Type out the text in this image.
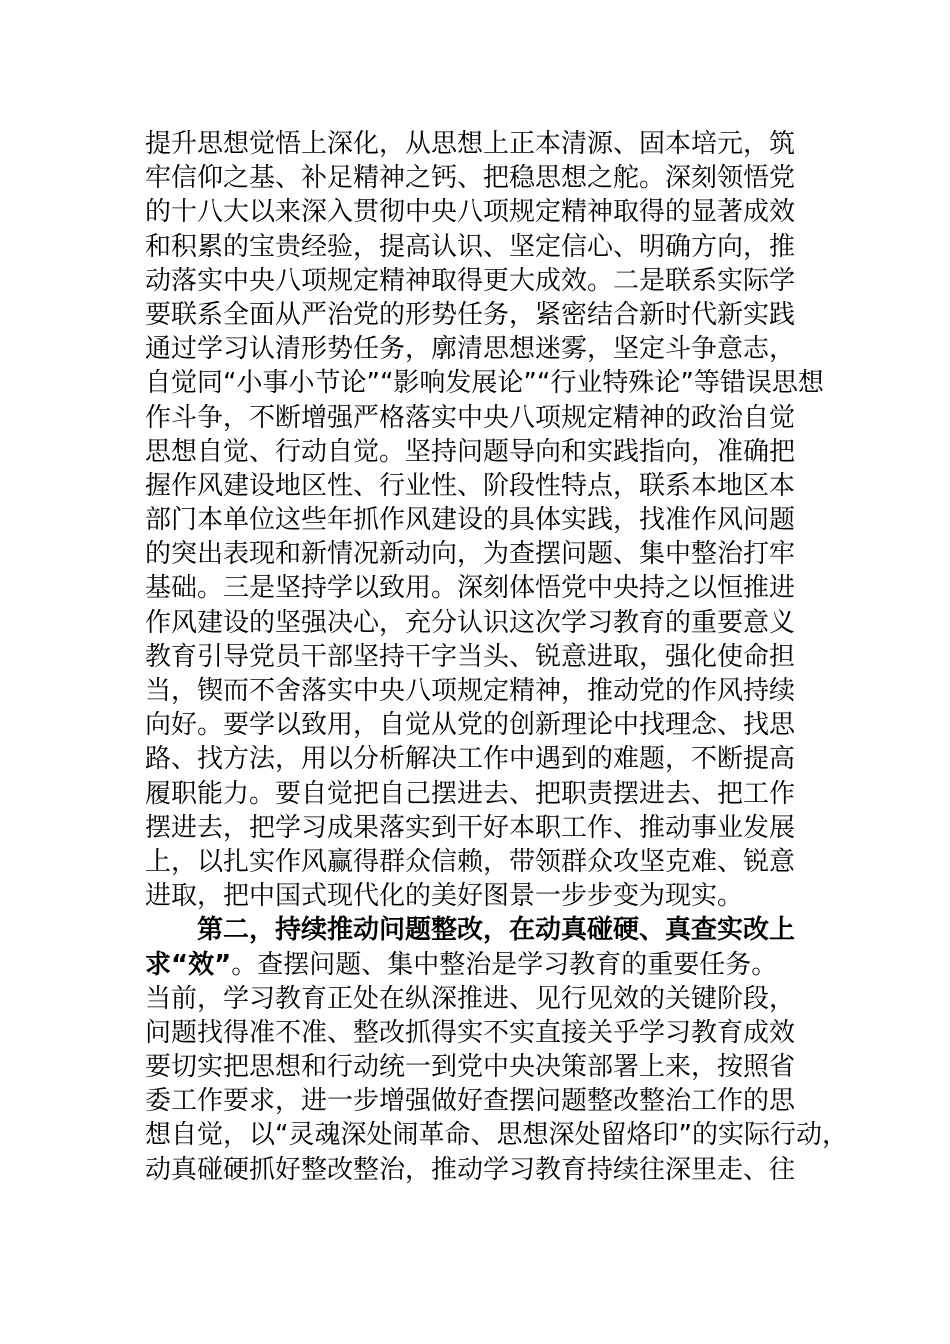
提升思想觉悟上深化，从思想上正本清源、固本培元，筑
牢信仰之基、补足精神之钙、把稳思想之舵。深刻领悟党
的十八大以来深入贯彻中央八项规定精神取得的显著成效
和积累的宝贵经验，提高认识、坚定信心、明确方向，推
动落实中央八项规定精神取得更大成效。二是联系实际学
要联系全面从严治党的形势任务，紧密结合新时代新实践
通过学习认清形势任务，廓清思想迷雾，坚定斗争意志，
自觉同“小事小节论”“影响发展论”“行业特殊论”等错误思想
作斗争，不断增强严格落实中央八项规定精神的政治自觉
思想自觉、行动自觉。坚持问题导向和实践指向，准确把
握作风建设地区性、行业性、阶段性特点，联系本地区本
部门本单位这些年抓作风建设的具体实践，找准作风问题
的突出表现和新情况新动向，为查摆问题、集中整治打牢
基础。三是坚持学以致用。深刻体悟党中央持之以恒推进
作风建设的坚强决心，充分认识这次学习教育的重要意义
教育引导党员干部坚持干字当头、锐意进取，强化使命担
当，锲而不舍落实中央八项规定精神，推动党的作风持续
向好。要学以致用，自觉从党的创新理论中找理念、找思
路、找方法，用以分析解决工作中遇到的难题，不断提高
履职能力。要自觉把自己摆进去、把职责摆进去、把工作
摆进去，把学习成果落实到干好本职工作、推动事业发展
上，以扎实作风赢得群众信赖，带领群众攻坚克难、锐意
进取，把中国式现代化的美好图景一步步变为现实。
第二，持续推动问题整改，在动真碰硬、真查实改上
求“效”。查摆问题、集中整治是学习教育的重要任务。
当前，学习教育正处在纵深推进、见行见效的关键阶段，
问题找得准不准、整改抓得实不实直接关乎学习教育成效
要切实把思想和行动统一到党中央决策部署上来，按照省
委工作要求，进一步增强做好查摆问题整改整治工作的思
想自觉，以“灵魂深处闹革命、思想深处留烙印”的实际行动，
动真碰硬抓好整改整治，推动学习教育持续往深里走、往
